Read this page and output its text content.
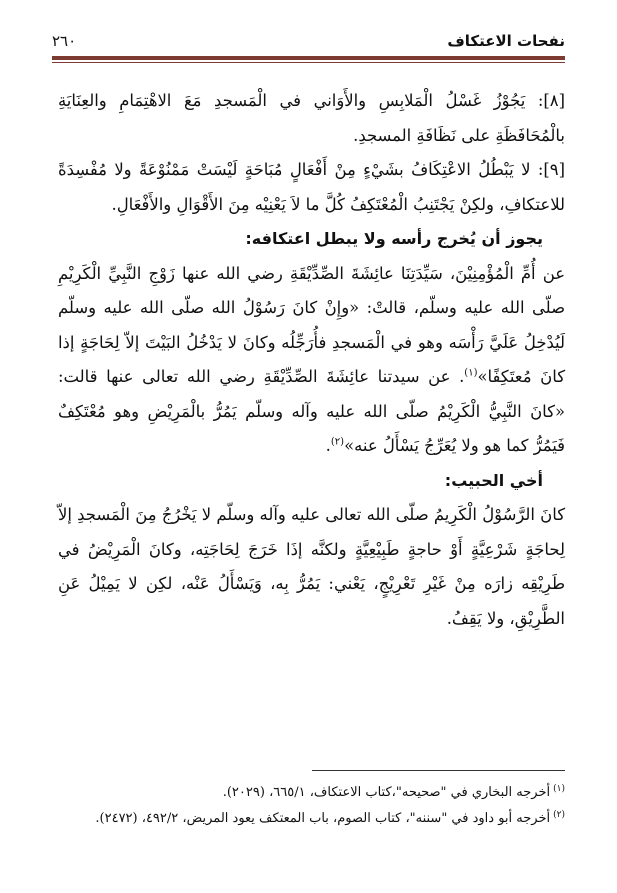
نفحات الاعتكاف
٢٦٠

[٨]: يَجُوْزُ غَسْلُ الْمَلابِسِ والأَوَاني في الْمَسجدِ مَعَ الاهْتِمَامِ والعِنَايَةِ بالْمُحَافَظَةِ على نَظَافَةِ المسجدِ.

[٩]: لا يَبْطُلُ الاعْتِكَافُ بشَيْءٍ مِنْ أَفْعَالٍ مُبَاحَةٍ لَيْسَتْ مَمْنُوْعَةً ولا مُفْسِدَةً للاعتكافِ، ولكِنْ يَجْتَنِبُ الْمُعْتَكِفُ كُلَّ ما لاَ يَعْنِيْه مِنَ الأَقْوَالِ والأَفْعَالِ.

يجوز أن يُخرج رأسه ولا يبطل اعتكافه:

عن أُمِّ الْمُؤْمِنِيْنَ، سَيِّدَتِنَا عائِشَةَ الصِّدِّيْقَةِ رضي الله عنها زَوْجِ النَّبِيِّ الْكَرِيْمِ صلّى الله عليه وسلّم، قالتْ: «وإِنْ كانَ رَسُوْلُ الله صلّى الله عليه وسلّم لَيُدْخِلُ عَلَيَّ رَأْسَه وهو في الْمَسجدِ فأُرَجِّلُه وكانَ لا يَدْخُلُ البَيْتَ إلاّ لِحَاجَةٍ إذا كانَ مُعتَكِفًا»$^{(١)}$. عن سيدتنا عائِشَةَ الصِّدِّيْقَةِ رضي الله تعالى عنها قالت: «كانَ النَّبِيُّ الْكَرِيْمُ صلّى الله عليه وآله وسلّم يَمُرُّ بالْمَرِيْضِ وهو مُعْتَكِفٌ فَيَمُرُّ كما هو ولا يُعَرِّجُ يَسْأَلُ عنه»$^{(٢)}$.

أخي الحبيب:

كانَ الرَّسُوْلُ الْكَرِيمُ صلّى الله تعالى عليه وآله وسلّم لا يَخْرُجُ مِنَ الْمَسجدِ إلاّ لِحاجَةٍ شَرْعِيَّةٍ أَوْ حاجةٍ طَبِيْعِيَّةٍ ولكنَّه إذَا خَرَجَ لِحَاجَتِه، وكانَ الْمَرِيْضُ في طَرِيْقِه زارَه مِنْ غَيْرِ تَعْرِيْجٍ، يَعْني: يَمُرُّ بِه، وَيَسْأَلُ عَنْه، لكِن لا يَمِيْلُ عَنِ الطَّرِيْقِ، ولا يَقِفُ.

$^{(١)}$أخرجه البخاري في "صحيحه"،كتاب الاعتكاف، ٦٦٥/١، (٢٠٢٩).

$^{(٢)}$أخرجه أبو داود في "سننه"، كتاب الصوم، باب المعتكف يعود المريض، ٤٩٢/٢، (٢٤٧٢).
